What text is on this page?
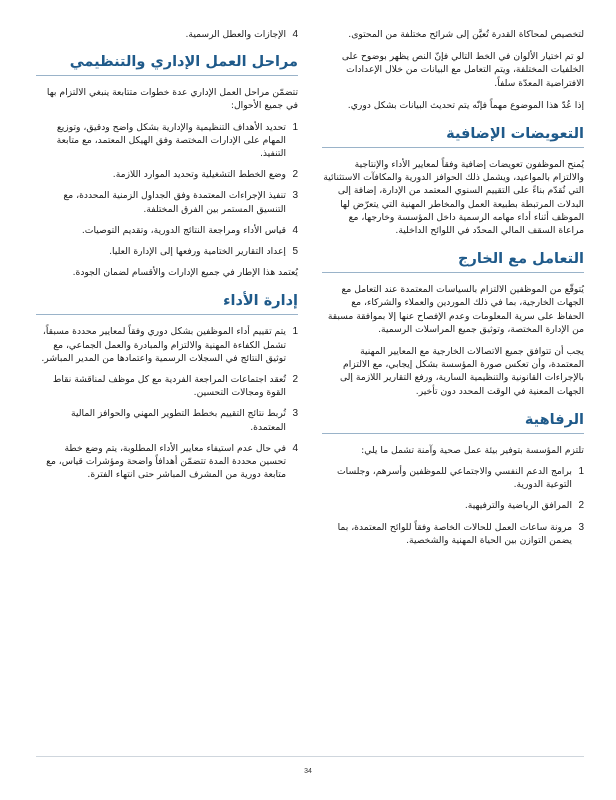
لتخصيص لمحاكاة القدرة تُعيَّن إلى شرائح مختلفة من المحتوى.

لو تم اختيار الألوان في الخط التالي فإنّ النص يظهر بوضوح على الخلفيات المختلفة، ويتم التعامل مع البيانات من خلال الإعدادات الافتراضية المعدّة سلفاً.

إذا عُدّ هذا الموضوع مهماً فإنّه يتم تحديث البيانات بشكل دوري.

التعويضات الإضافية

يُمنح الموظفون تعويضات إضافية وفقاً لمعايير الأداء والإنتاجية والالتزام بالمواعيد، ويشمل ذلك الحوافز الدورية والمكافآت الاستثنائية التي تُقدّم بناءً على التقييم السنوي المعتمد من الإدارة، إضافة إلى البدلات المرتبطة بطبيعة العمل والمخاطر المهنية التي يتعرّض لها الموظف أثناء أداء مهامه الرسمية داخل المؤسسة وخارجها، مع مراعاة السقف المالي المحدّد في اللوائح الداخلية.

التعامل مع الخارج

يُتوقّع من الموظفين الالتزام بالسياسات المعتمدة عند التعامل مع الجهات الخارجية، بما في ذلك الموردين والعملاء والشركاء، مع الحفاظ على سرية المعلومات وعدم الإفصاح عنها إلا بموافقة مسبقة من الإدارة المختصة، وتوثيق جميع المراسلات الرسمية.

يجب أن تتوافق جميع الاتصالات الخارجية مع المعايير المهنية المعتمدة، وأن تعكس صورة المؤسسة بشكل إيجابي، مع الالتزام بالإجراءات القانونية والتنظيمية السارية، ورفع التقارير اللازمة إلى الجهات المعنية في الوقت المحدد دون تأخير.

الرفاهية

تلتزم المؤسسة بتوفير بيئة عمل صحية وآمنة تشمل ما يلي:

1
برامج الدعم النفسي والاجتماعي للموظفين وأسرهم، وجلسات التوعية الدورية.
2
المرافق الرياضية والترفيهية.
3
مرونة ساعات العمل للحالات الخاصة وفقاً للوائح المعتمدة، بما يضمن التوازن بين الحياة المهنية والشخصية.
4
الإجازات والعطل الرسمية.
مراحل العمل الإداري والتنظيمي

تتضمّن مراحل العمل الإداري عدة خطوات متتابعة ينبغي الالتزام بها في جميع الأحوال:

1
تحديد الأهداف التنظيمية والإدارية بشكل واضح ودقيق، وتوزيع المهام على الإدارات المختصة وفق الهيكل المعتمد، مع متابعة التنفيذ.
2
وضع الخطط التشغيلية وتحديد الموارد اللازمة.
3
تنفيذ الإجراءات المعتمدة وفق الجداول الزمنية المحددة، مع التنسيق المستمر بين الفرق المختلفة.
4
قياس الأداء ومراجعة النتائج الدورية، وتقديم التوصيات.
5
إعداد التقارير الختامية ورفعها إلى الإدارة العليا.

يُعتمد هذا الإطار في جميع الإدارات والأقسام لضمان الجودة.

إدارة الأداء
1
يتم تقييم أداء الموظفين بشكل دوري وفقاً لمعايير محددة مسبقاً، تشمل الكفاءة المهنية والالتزام والمبادرة والعمل الجماعي، مع توثيق النتائج في السجلات الرسمية واعتمادها من المدير المباشر.
2
تُعقد اجتماعات المراجعة الفردية مع كل موظف لمناقشة نقاط القوة ومجالات التحسين.
3
تُربط نتائج التقييم بخطط التطوير المهني والحوافز المالية المعتمدة.
4
في حال عدم استيفاء معايير الأداء المطلوبة، يتم وضع خطة تحسين محددة المدة تتضمّن أهدافاً واضحة ومؤشرات قياس، مع متابعة دورية من المشرف المباشر حتى انتهاء الفترة.
34
